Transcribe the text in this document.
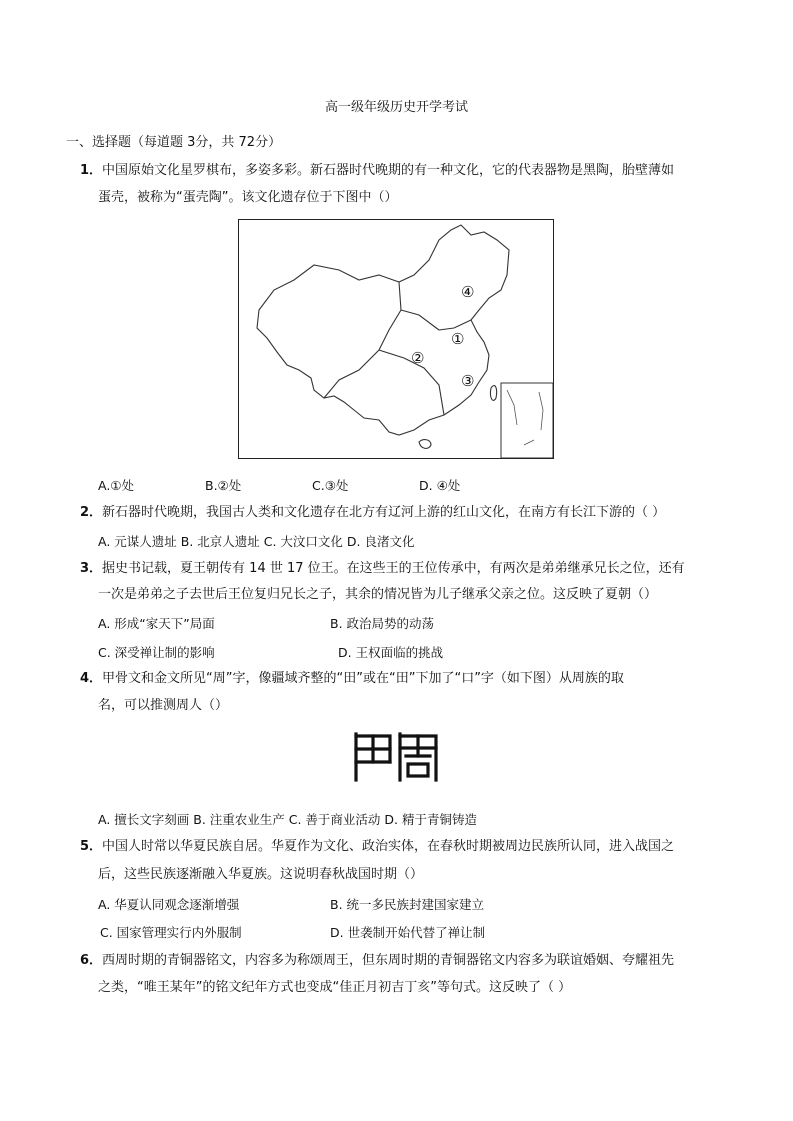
高一级年级历史开学考试
一、选择题（每道题 3分，共 72分）
1．中国原始文化星罗棋布，多姿多彩。新石器时代晚期的有一种文化，它的代表器物是黑陶，胎壁薄如
蛋壳，被称为“蛋壳陶”。该文化遗存位于下图中（）
④
①
②
③
A.①处	B.②处	C.③处	D. ④处
2．新石器时代晚期，我国古人类和文化遗存在北方有辽河上游的红山文化，在南方有长江下游的（ ）
A. 元谋人遗址 B. 北京人遗址 C. 大汶口文化 D. 良渚文化
3．据史书记载，夏王朝传有 14 世 17 位王。在这些王的王位传承中，有两次是弟弟继承兄长之位，还有
一次是弟弟之子去世后王位复归兄长之子，其余的情况皆为儿子继承父亲之位。这反映了夏朝（）
A. 形成“家天下”局面	B. 政治局势的动荡
C. 深受禅让制的影响	D. 王权面临的挑战
4．甲骨文和金文所见“周”字，像疆域齐整的“田”或在“田”下加了“口”字（如下图）从周族的取
名，可以推测周人（）
A. 擅长文字刻画 B. 注重农业生产 C. 善于商业活动 D. 精于青铜铸造
5．中国人时常以华夏民族自居。华夏作为文化、政治实体，在春秋时期被周边民族所认同，进入战国之
后，这些民族逐渐融入华夏族。这说明春秋战国时期（）
A. 华夏认同观念逐渐增强	B. 统一多民族封建国家建立
C. 国家管理实行内外服制	D. 世袭制开始代替了禅让制
6．西周时期的青铜器铭文，内容多为称颂周王，但东周时期的青铜器铭文内容多为联谊婚姻、夸耀祖先
之类，“唯王某年”的铭文纪年方式也变成“佳正月初吉丁亥”等句式。这反映了（ ）
